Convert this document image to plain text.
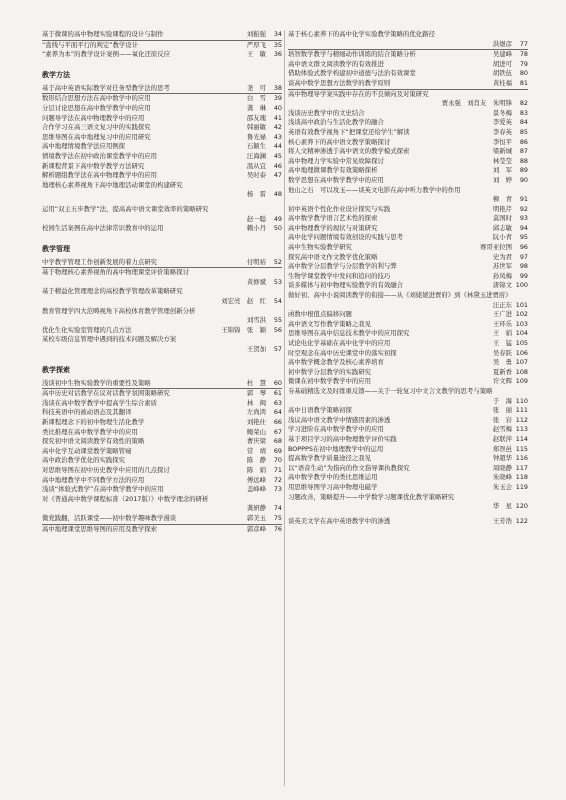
基于微课的高中物理实验课程的设计与制作	刘振强	34
“直线与平面平行的判定”教学设计	严厚飞	35
“素养为本”的教学设计案例——氧化还原反应	王　敏	36
教学方法
基于高中英语实际教学对任务型教学法的思考	尧　可	38
数形结合思想方法在高中数学中的应用	白　雪	39
分层讨论思想在高中数学教学中的应用	龚　琳	40
问题导学法在高中物理教学中的应用	邵友瑰	41
合作学习在高三语文复习中的实践探究	韩丽敏	42
思维导图在高中地理复习中的应用研究	鲁光禄	43
高中地理情境教学法应用例探	石颖生	44
情境教学法在初中政治课堂教学中的应用	汪海澜	45
新课程背景下高中数学教学方法研究	温从宜	46
解析题组教学法在高中物理教学中的应用	吴时泰	47
地理核心素养视角下高中地理活动课堂的构建研究
杨　雷	48
运用“双主五步教学”法，提高高中语文课堂效率的策略研究
赵一聪	49
校园生活案例在高中法律常识教育中的运用	赖小丹	50
教学管理
中学教学管理工作创新发展的着力点研究	付明裕	52
基于物理核心素养视角的高中物理课堂评价策略探讨
黄修斌	53
基于精益化管理理念的高校教学管理改革策略研究
刘宏亮　赵　红	54
教育管理学四大范畴视角下高校体育教学管理创新分析
刘雪洪	55
优化生化实验室管理的几点方法	王锦锦　张　颖	56
某校车级信息管理中遇到的技术问题及解决方案
王贺加	57
教学探索
浅谈初中生物实验教学的重要性及策略	杜　慧	60
高中历史对话教学在议对话教学氛围策略研究	郭　琴	61
浅谈在高中数学教学中提高学生综合素质	林　闽	63
科技英语中的被动语态及其翻译	左尚鸿	64
新课程理念下的初中物理生活化教学	刘艳仕	66
类比推理在高中数学教学中的应用	鲍荣山	67
探究初中语文阅读教学有效性的策略	曹庆梁	68
高中化学互动课堂教学策略管窥	常　靖	69
高中政治教学优化的实践探究	陈　静	70
对思维导图在初中历史教学中应用的几点探讨	陈　娟	71
高中地理教学中不同教学方法的应用	傅远峰	72
浅谈“体验式教学”在高中数学教学中的应用	盖峰峰	73
对《普通高中数学课程标准（2017版）》中数学理念的研析
龚妍静	74
微党践翻，活跃课堂——初中数学趣味教学漫谈	郭美玉	75
高中地理课堂思维导图的应用及教学探索	郭彦峰	76
基于核心素养下的高中化学实验教学策略的优化路径
洪煜彦	77
培智数学教学与精细动作训练的结合策略分析	吴建峰	78
高中语文群文阅读教学的有效推进	胡进可	79
借助体验式教学构建初中道德与法治有效课堂	胡铁伍	80
谈高中数学思想方法数学的教学原则	黄桂福	81
高中物理导学案实践中存在的不良倾向及对策研究
贾永强　刘肖友　朱明锋	82
浅谈历史教学中的文史结合	景冬梅	83
浅谈高中政治与生活化教学的融合	李爱英	84
英语有效教学视角下“把课堂还给学生”解读	李春英	85
核心素养下的高中语文教学策略探讨	李恒平	86
将人文精神渗透于高中语文的教学模式探索	梁新城	87
高中物理力学实验中常见故障探讨	林莹莹	88
高中地理微课教学有效策略探析	刘　军	89
数学思想在高中数学教学中的应用	刘　婷	90
他山之石　可以攻玉——谈英文电影在高中听力教学中的作用
柳　青	91
初中英语个性化作业设计探究与实践	明艳芹	92
高中数学教学语言艺术性的探索	莫国时	93
高中物理教学的现状与对策研究	邱志敏	94
高中化学问题情境有效创设的实践与思考	阮小青	95
高中生物实验教学研究	赛哥亚拉图	96
探究高中语文作文教学优化策略	史为君	97
高中数学分层教学与分层教学的利与弊	苏世军	98
生物学课堂教学中发问和追问的技巧	孙凤梅	99
谈多媒体与初中物理实验教学的有效融合	唐锦文 100
做好初、高中小说阅读教学的衔接——从《刘姥姥进贾府》到《林黛玉进贾府》
汪正东 101
函数中根值点偏移问题	王广进 102
高中语文写作教学策略之我见	王环乐 103
思维导图在高中信息技术教学中的应用探究	王　娟 104
试论电化学基础在高中化学中的应用	王　猛 105
时空观念在高中历史课堂中的落实初探	吴春跃 106
高中数学概念教学及核心素养培育	吴　勇 107
初中数学分层教学的实践研究	夏新香 108
微课在初中数学教学中的应用	许文辉 109
夯基础精选文及时练重反馈——关于一轮复习中文言文教学的思考与策略
于　海 110
高中日语教学策略初探	张　丽 111
浅议高中语文教学中情感因素的渗透	张　岩 112
学习进阶在高中数学教学中的应用	赵雪梅 113
基于项目学习的高中物理教学评价实践	赵联萍 114
BOPPPS在初中地理教学中的运用	郑智邑 115
提高数学教学质量途径之我见	钟超华 116
以“语音生动”为指向的作文指导课执教探究	周晓静 117
高中数学教学中的类比思维运用	朱晓峰 118
用思维导图学习高中物理电磁学	朱玉会 119
习题改善，策略提升——中学数学习题课优化教学策略研究
华　星 120
谈英美文学在高中英语教学中的渗透	王芳浩 122
